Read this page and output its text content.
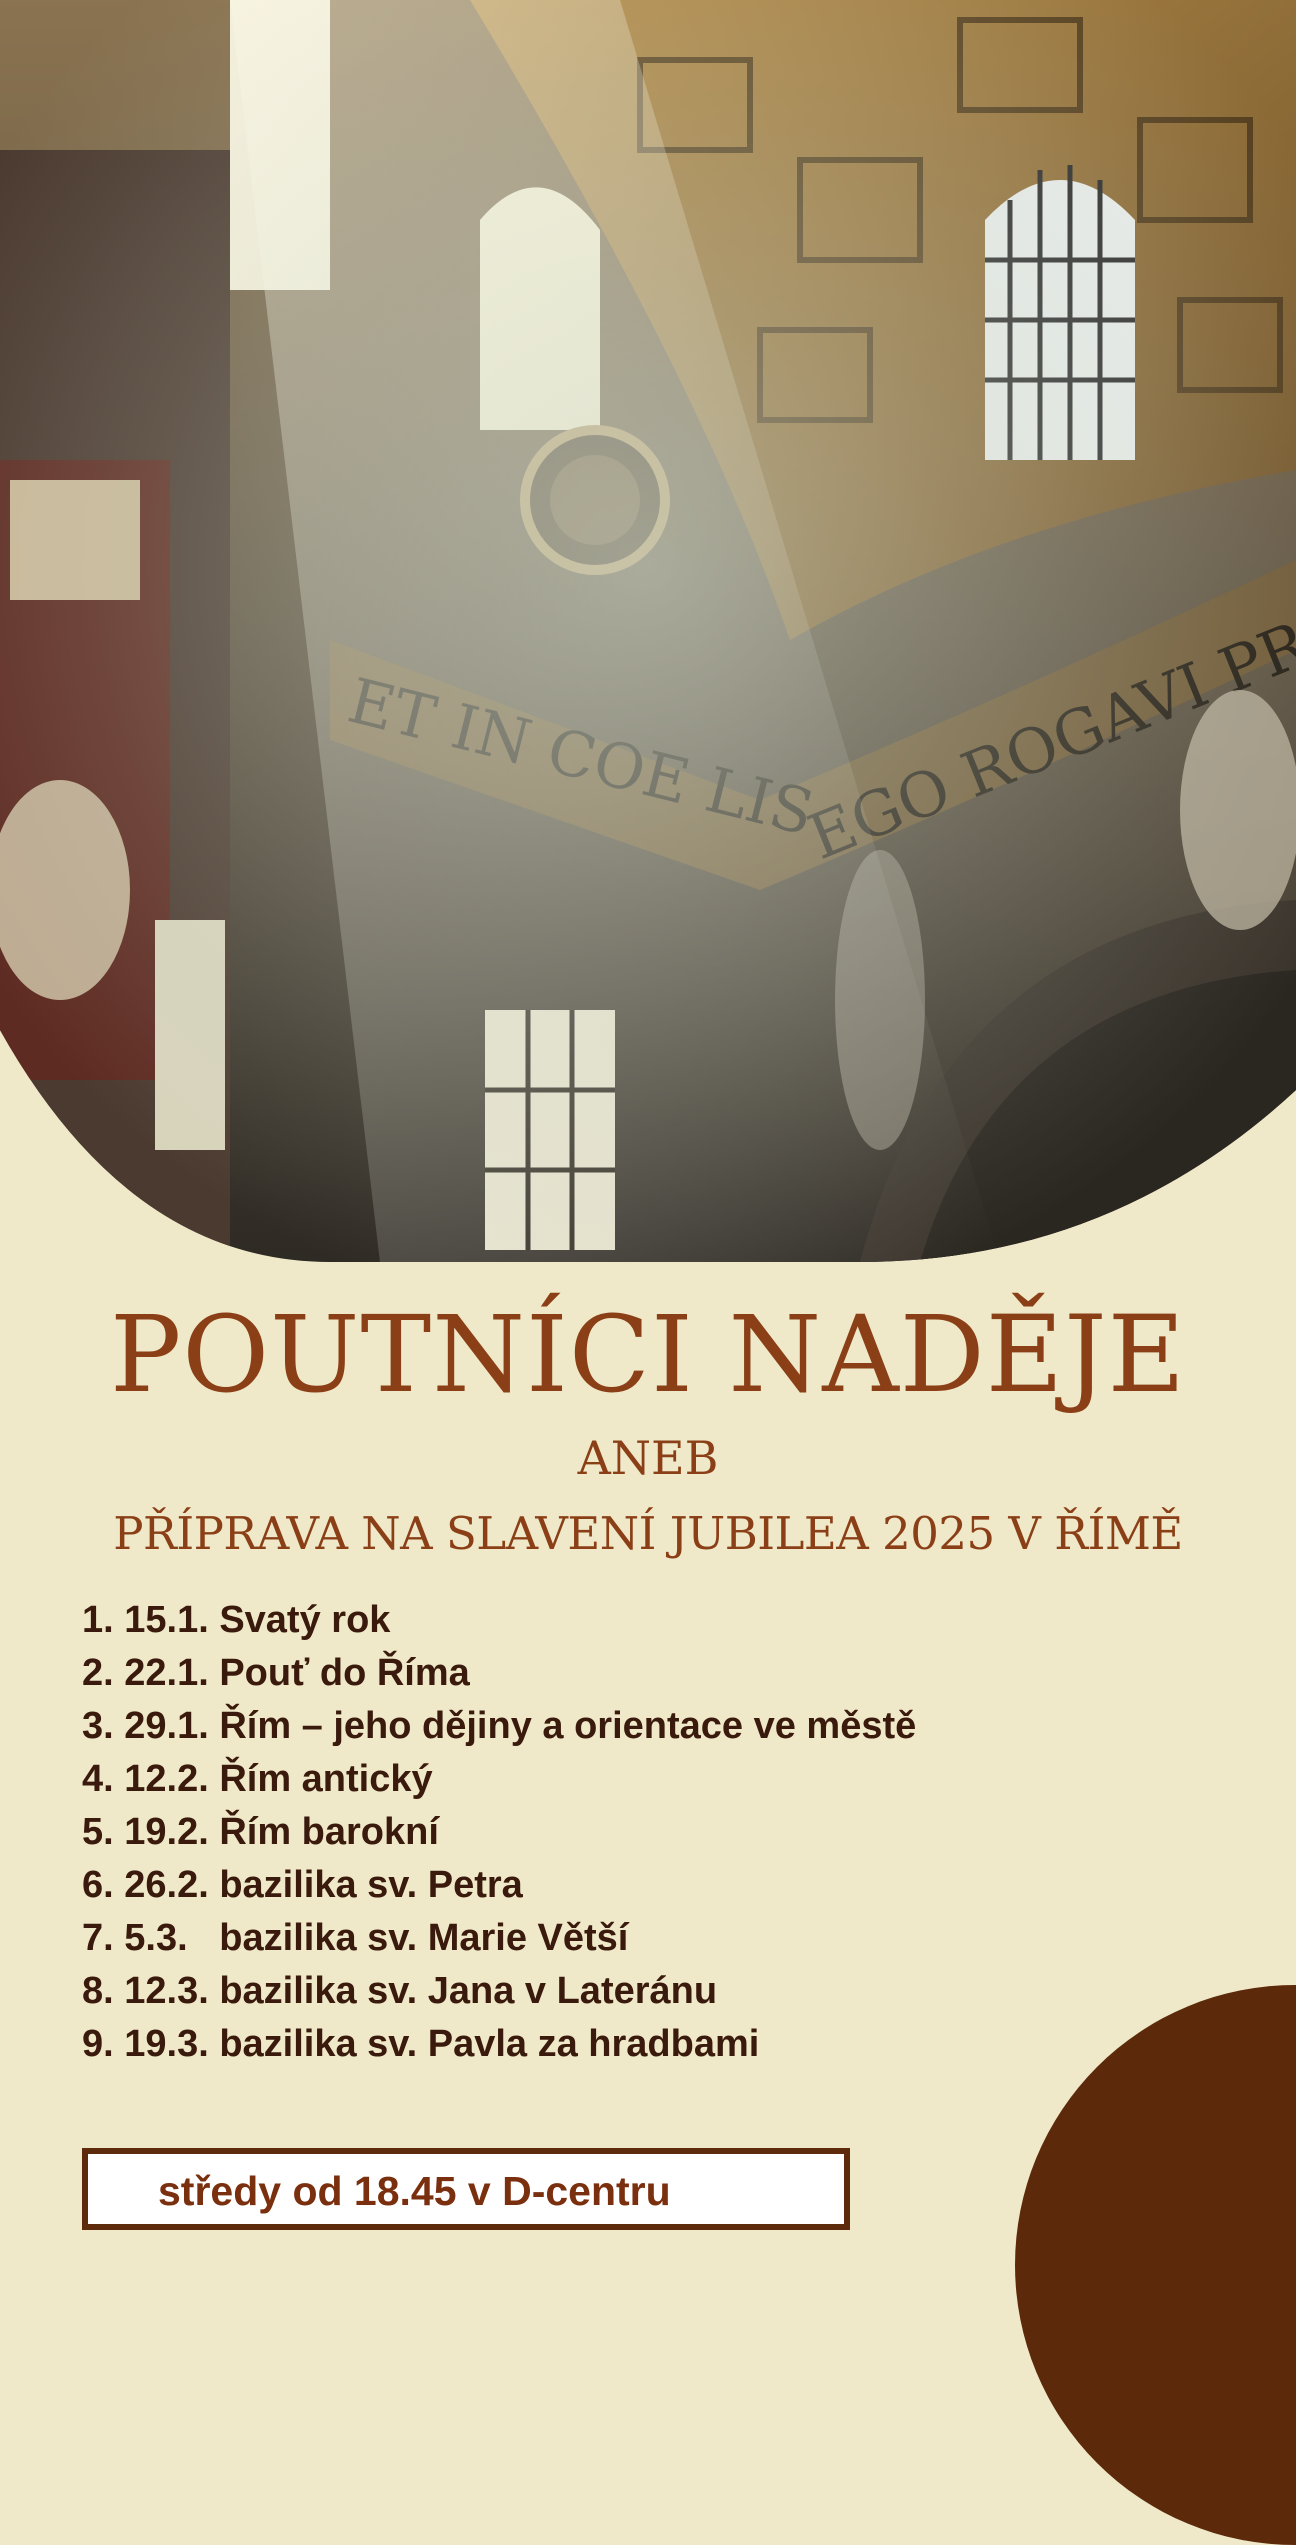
POUTNÍCI NADĚJE
ANEB
PŘÍPRAVA NA SLAVENÍ JUBILEA 2025 V ŘÍMĚ
1. 15.1. Svatý rok
2. 22.1. Pouť do Říma
3. 29.1. Řím – jeho dějiny a orientace ve městě
4. 12.2. Řím antický
5. 19.2. Řím barokní
6. 26.2. bazilika sv. Petra
7. 5.3.   bazilika sv. Marie Větší
8. 12.3. bazilika sv. Jana v Lateránu
9. 19.3. bazilika sv. Pavla za hradbami
středy od 18.45 v D-centru
